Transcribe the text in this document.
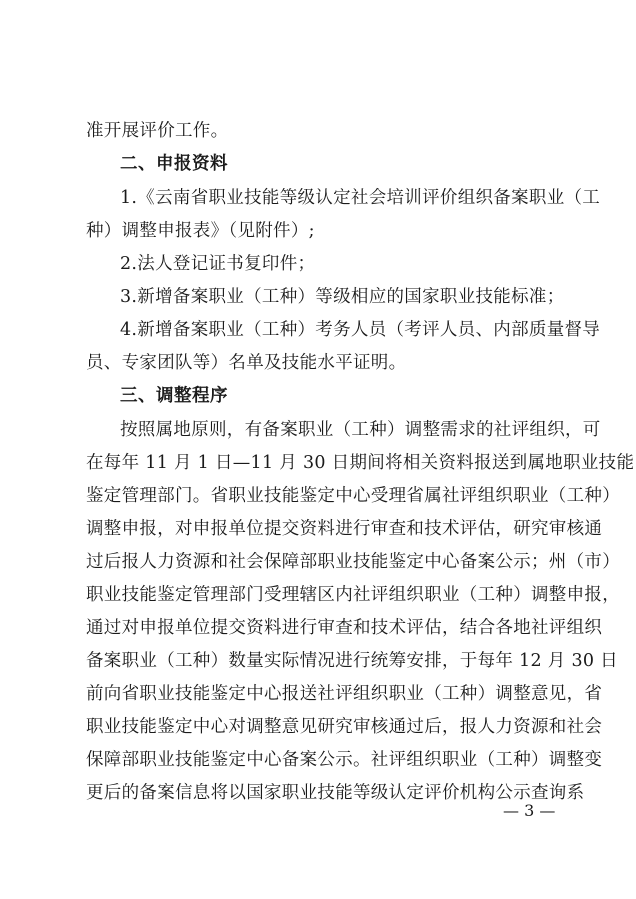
准开展评价工作。
二、申报资料
1.《云南省职业技能等级认定社会培训评价组织备案职业（工
种）调整申报表》（见附件）;
2.法人登记证书复印件；
3.新增备案职业（工种）等级相应的国家职业技能标准；
4.新增备案职业（工种）考务人员（考评人员、内部质量督导
员、专家团队等）名单及技能水平证明。
三、调整程序
按照属地原则，有备案职业（工种）调整需求的社评组织，可
在每年 11 月 1 日—11 月 30 日期间将相关资料报送到属地职业技能
鉴定管理部门。省职业技能鉴定中心受理省属社评组织职业（工种）
调整申报，对申报单位提交资料进行审查和技术评估，研究审核通
过后报人力资源和社会保障部职业技能鉴定中心备案公示；州（市）
职业技能鉴定管理部门受理辖区内社评组织职业（工种）调整申报，
通过对申报单位提交资料进行审查和技术评估，结合各地社评组织
备案职业（工种）数量实际情况进行统筹安排，于每年 12 月 30 日
前向省职业技能鉴定中心报送社评组织职业（工种）调整意见，省
职业技能鉴定中心对调整意见研究审核通过后，报人力资源和社会
保障部职业技能鉴定中心备案公示。社评组织职业（工种）调整变
更后的备案信息将以国家职业技能等级认定评价机构公示查询系
— 3 —
